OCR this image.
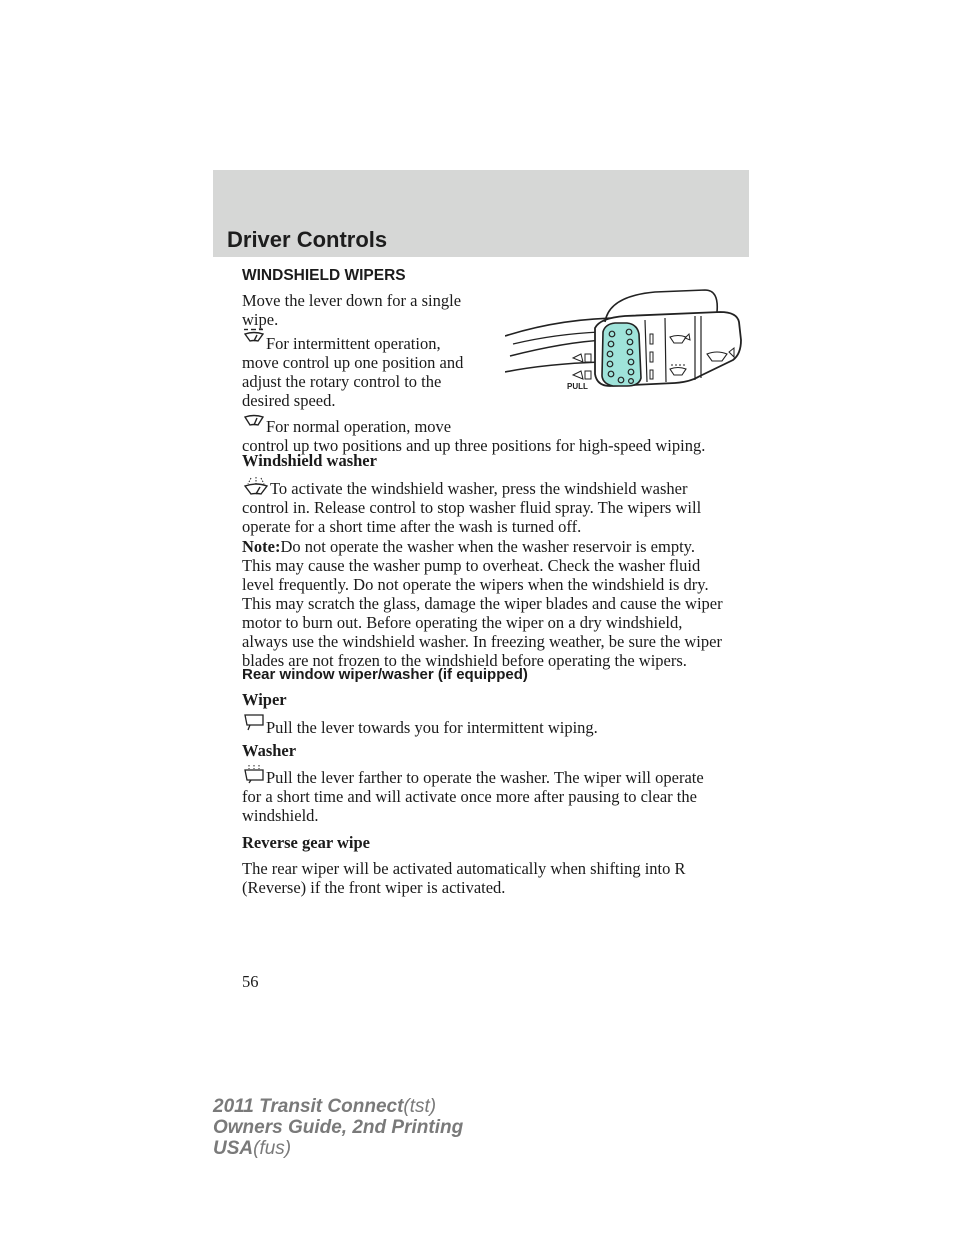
Driver Controls
WINDSHIELD WIPERS
Move the lever down for a single
wipe.
For intermittent operation,
move control up one position and
adjust the rotary control to the
desired speed.
For normal operation, move
control up two positions and up three positions for high-speed wiping.
PULL
Windshield washer
To activate the windshield washer, press the windshield washer
control in. Release control to stop washer fluid spray. The wipers will
operate for a short time after the wash is turned off.
Note:Do not operate the washer when the washer reservoir is empty.
This may cause the washer pump to overheat. Check the washer fluid
level frequently. Do not operate the wipers when the windshield is dry.
This may scratch the glass, damage the wiper blades and cause the wiper
motor to burn out. Before operating the wiper on a dry windshield,
always use the windshield washer. In freezing weather, be sure the wiper
blades are not frozen to the windshield before operating the wipers.
Rear window wiper/washer (if equipped)
Wiper
Pull the lever towards you for intermittent wiping.
Washer
Pull the lever farther to operate the washer. The wiper will operate
for a short time and will activate once more after pausing to clear the
windshield.
Reverse gear wipe
The rear wiper will be activated automatically when shifting into R
(Reverse) if the front wiper is activated.
56
2011 Transit Connect(tst)
Owners Guide, 2nd Printing
USA(fus)
